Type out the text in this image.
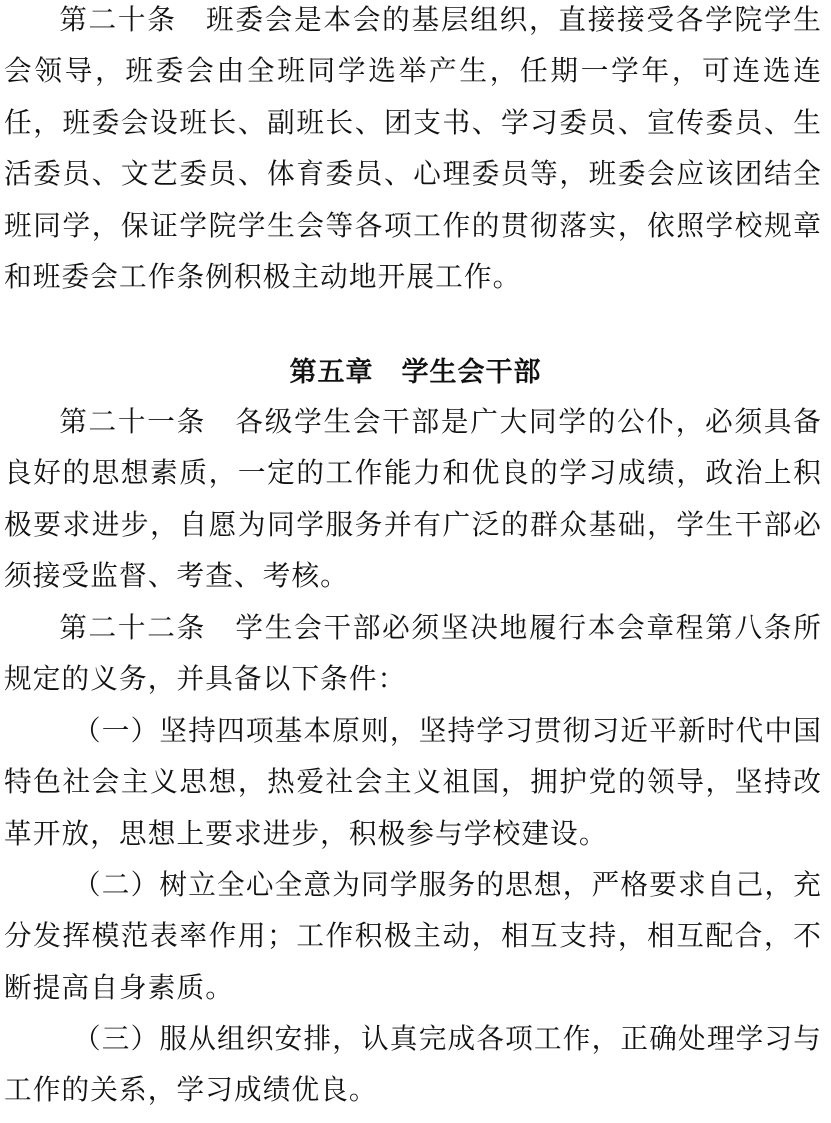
第二十条　班委会是本会的基层组织，直接接受各学院学生会领导，班委会由全班同学选举产生，任期一学年，可连选连任，班委会设班长、副班长、团支书、学习委员、宣传委员、生活委员、文艺委员、体育委员、心理委员等，班委会应该团结全班同学，保证学院学生会等各项工作的贯彻落实，依照学校规章和班委会工作条例积极主动地开展工作。

第五章　学生会干部

第二十一条　各级学生会干部是广大同学的公仆，必须具备良好的思想素质，一定的工作能力和优良的学习成绩，政治上积极要求进步，自愿为同学服务并有广泛的群众基础，学生干部必须接受监督、考查、考核。

第二十二条　学生会干部必须坚决地履行本会章程第八条所规定的义务，并具备以下条件：

（一）坚持四项基本原则，坚持学习贯彻习近平新时代中国特色社会主义思想，热爱社会主义祖国，拥护党的领导，坚持改革开放，思想上要求进步，积极参与学校建设。

（二）树立全心全意为同学服务的思想，严格要求自己，充分发挥模范表率作用；工作积极主动，相互支持，相互配合，不断提高自身素质。

（三）服从组织安排，认真完成各项工作，正确处理学习与工作的关系，学习成绩优良。
